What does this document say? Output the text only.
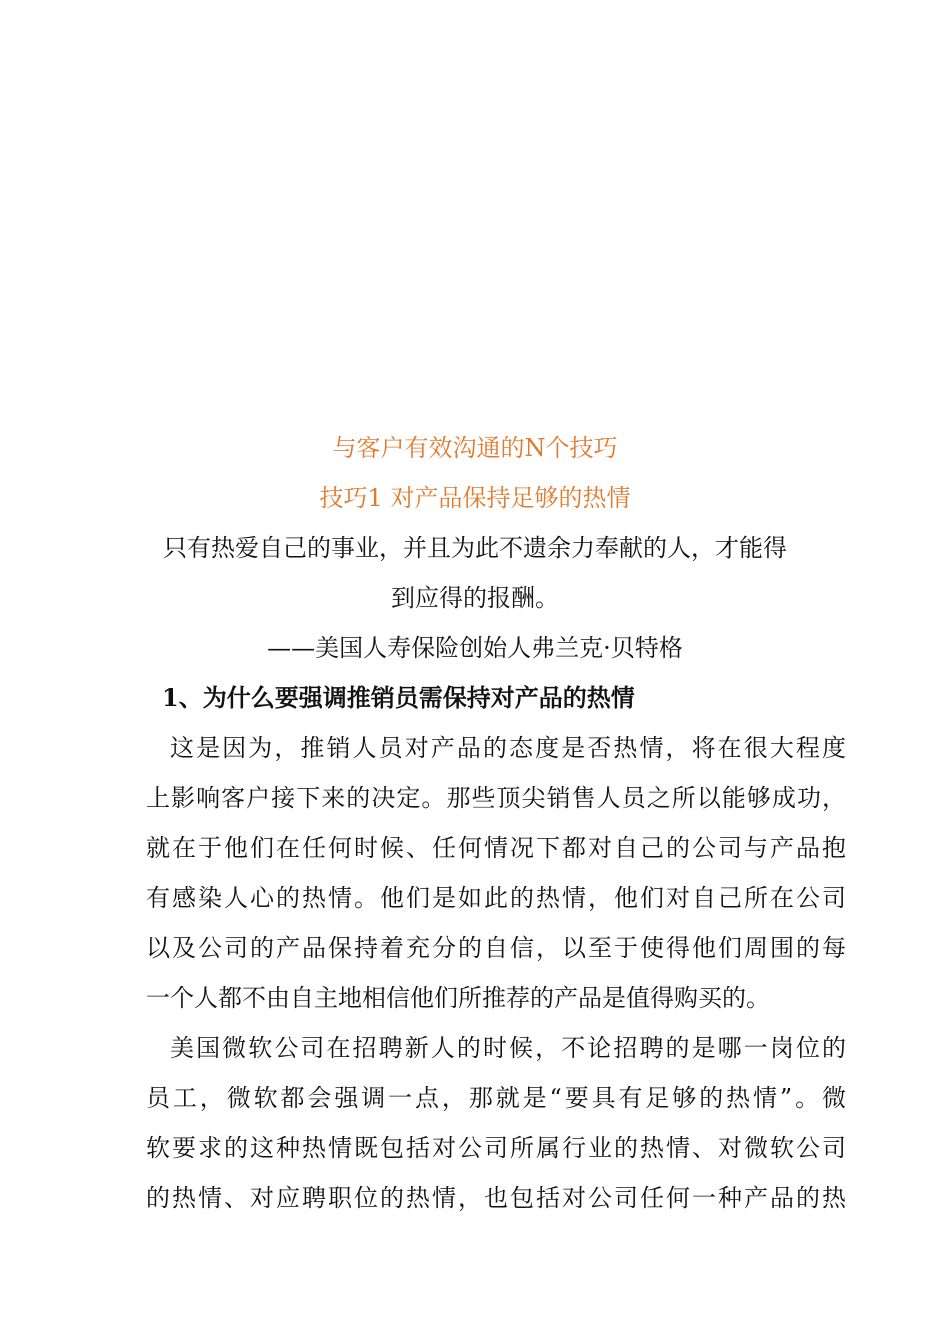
与客户有效沟通的N个技巧
技巧1 对产品保持足够的热情
只有热爱自己的事业，并且为此不遗余力奉献的人，才能得
到应得的报酬。
——美国人寿保险创始人弗兰克·贝特格
1、为什么要强调推销员需保持对产品的热情
这是因为，推销人员对产品的态度是否热情，将在很大程度
上影响客户接下来的决定。那些顶尖销售人员之所以能够成功，
就在于他们在任何时候、任何情况下都对自己的公司与产品抱
有感染人心的热情。他们是如此的热情，他们对自己所在公司
以及公司的产品保持着充分的自信，以至于使得他们周围的每
一个人都不由自主地相信他们所推荐的产品是值得购买的。
美国微软公司在招聘新人的时候，不论招聘的是哪一岗位的
员工，微软都会强调一点，那就是“要具有足够的热情”。微
软要求的这种热情既包括对公司所属行业的热情、对微软公司
的热情、对应聘职位的热情，也包括对公司任何一种产品的热
